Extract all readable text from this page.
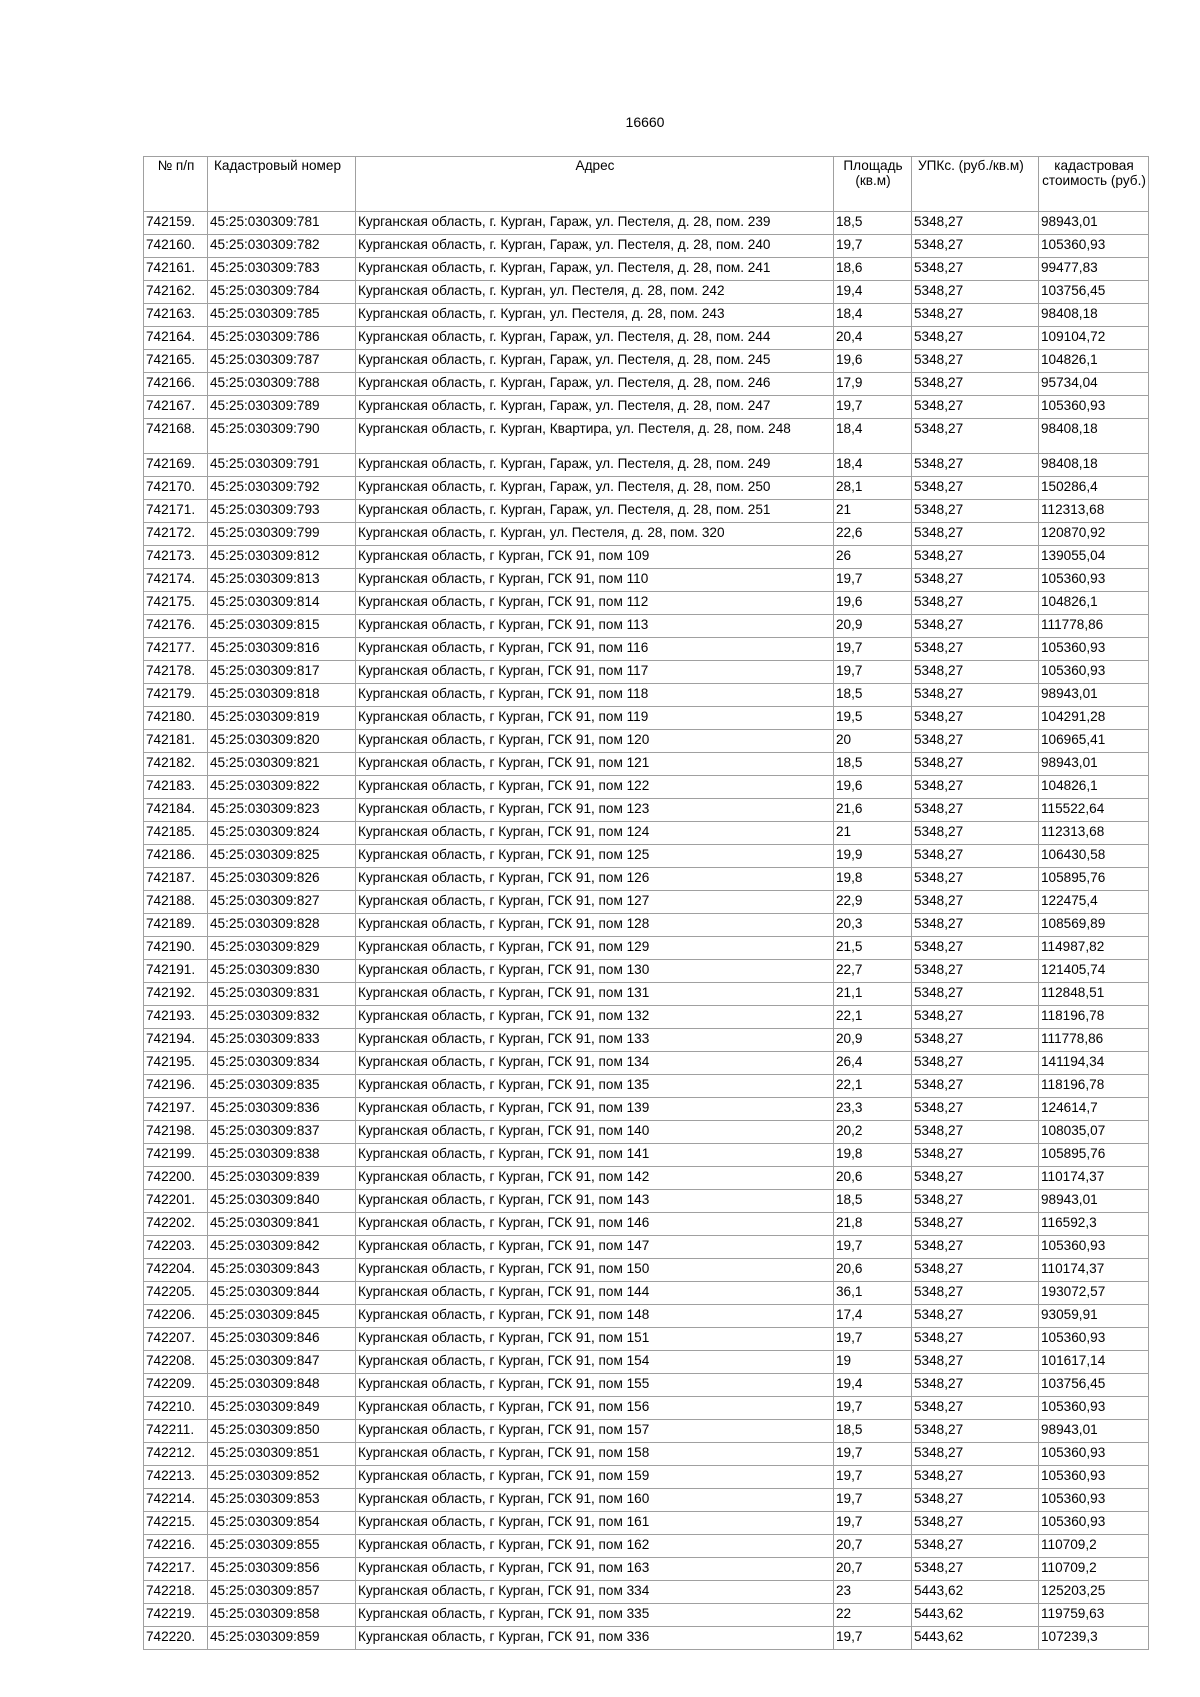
16660
№ п/п	Кадастровый номер	Адрес	Площадь (кв.м)	УПКс. (руб./кв.м)	кадастровая стоимость (руб.)
742159.	45:25:030309:781	Курганская область, г. Курган, Гараж, ул. Пестеля, д. 28, пом. 239	18,5	5348,27	98943,01
742160.	45:25:030309:782	Курганская область, г. Курган, Гараж, ул. Пестеля, д. 28, пом. 240	19,7	5348,27	105360,93
742161.	45:25:030309:783	Курганская область, г. Курган, Гараж, ул. Пестеля, д. 28, пом. 241	18,6	5348,27	99477,83
742162.	45:25:030309:784	Курганская область, г. Курган, ул. Пестеля, д. 28, пом. 242	19,4	5348,27	103756,45
742163.	45:25:030309:785	Курганская область, г. Курган, ул. Пестеля, д. 28, пом. 243	18,4	5348,27	98408,18
742164.	45:25:030309:786	Курганская область, г. Курган, Гараж, ул. Пестеля, д. 28, пом. 244	20,4	5348,27	109104,72
742165.	45:25:030309:787	Курганская область, г. Курган, Гараж, ул. Пестеля, д. 28, пом. 245	19,6	5348,27	104826,1
742166.	45:25:030309:788	Курганская область, г. Курган, Гараж, ул. Пестеля, д. 28, пом. 246	17,9	5348,27	95734,04
742167.	45:25:030309:789	Курганская область, г. Курган, Гараж, ул. Пестеля, д. 28, пом. 247	19,7	5348,27	105360,93
742168.	45:25:030309:790	Курганская область, г. Курган, Квартира, ул. Пестеля, д. 28, пом. 248	18,4	5348,27	98408,18
742169.	45:25:030309:791	Курганская область, г. Курган, Гараж, ул. Пестеля, д. 28, пом. 249	18,4	5348,27	98408,18
742170.	45:25:030309:792	Курганская область, г. Курган, Гараж, ул. Пестеля, д. 28, пом. 250	28,1	5348,27	150286,4
742171.	45:25:030309:793	Курганская область, г. Курган, Гараж, ул. Пестеля, д. 28, пом. 251	21	5348,27	112313,68
742172.	45:25:030309:799	Курганская область, г. Курган, ул. Пестеля, д. 28, пом. 320	22,6	5348,27	120870,92
742173.	45:25:030309:812	Курганская область, г Курган, ГСК 91, пом 109	26	5348,27	139055,04
742174.	45:25:030309:813	Курганская область, г Курган, ГСК 91, пом 110	19,7	5348,27	105360,93
742175.	45:25:030309:814	Курганская область, г Курган, ГСК 91, пом 112	19,6	5348,27	104826,1
742176.	45:25:030309:815	Курганская область, г Курган, ГСК 91, пом 113	20,9	5348,27	111778,86
742177.	45:25:030309:816	Курганская область, г Курган, ГСК 91, пом 116	19,7	5348,27	105360,93
742178.	45:25:030309:817	Курганская область, г Курган, ГСК 91, пом 117	19,7	5348,27	105360,93
742179.	45:25:030309:818	Курганская область, г Курган, ГСК 91, пом 118	18,5	5348,27	98943,01
742180.	45:25:030309:819	Курганская область, г Курган, ГСК 91, пом 119	19,5	5348,27	104291,28
742181.	45:25:030309:820	Курганская область, г Курган, ГСК 91, пом 120	20	5348,27	106965,41
742182.	45:25:030309:821	Курганская область, г Курган, ГСК 91, пом 121	18,5	5348,27	98943,01
742183.	45:25:030309:822	Курганская область, г Курган, ГСК 91, пом 122	19,6	5348,27	104826,1
742184.	45:25:030309:823	Курганская область, г Курган, ГСК 91, пом 123	21,6	5348,27	115522,64
742185.	45:25:030309:824	Курганская область, г Курган, ГСК 91, пом 124	21	5348,27	112313,68
742186.	45:25:030309:825	Курганская область, г Курган, ГСК 91, пом 125	19,9	5348,27	106430,58
742187.	45:25:030309:826	Курганская область, г Курган, ГСК 91, пом 126	19,8	5348,27	105895,76
742188.	45:25:030309:827	Курганская область, г Курган, ГСК 91, пом 127	22,9	5348,27	122475,4
742189.	45:25:030309:828	Курганская область, г Курган, ГСК 91, пом 128	20,3	5348,27	108569,89
742190.	45:25:030309:829	Курганская область, г Курган, ГСК 91, пом 129	21,5	5348,27	114987,82
742191.	45:25:030309:830	Курганская область, г Курган, ГСК 91, пом 130	22,7	5348,27	121405,74
742192.	45:25:030309:831	Курганская область, г Курган, ГСК 91, пом 131	21,1	5348,27	112848,51
742193.	45:25:030309:832	Курганская область, г Курган, ГСК 91, пом 132	22,1	5348,27	118196,78
742194.	45:25:030309:833	Курганская область, г Курган, ГСК 91, пом 133	20,9	5348,27	111778,86
742195.	45:25:030309:834	Курганская область, г Курган, ГСК 91, пом 134	26,4	5348,27	141194,34
742196.	45:25:030309:835	Курганская область, г Курган, ГСК 91, пом 135	22,1	5348,27	118196,78
742197.	45:25:030309:836	Курганская область, г Курган, ГСК 91, пом 139	23,3	5348,27	124614,7
742198.	45:25:030309:837	Курганская область, г Курган, ГСК 91, пом 140	20,2	5348,27	108035,07
742199.	45:25:030309:838	Курганская область, г Курган, ГСК 91, пом 141	19,8	5348,27	105895,76
742200.	45:25:030309:839	Курганская область, г Курган, ГСК 91, пом 142	20,6	5348,27	110174,37
742201.	45:25:030309:840	Курганская область, г Курган, ГСК 91, пом 143	18,5	5348,27	98943,01
742202.	45:25:030309:841	Курганская область, г Курган, ГСК 91, пом 146	21,8	5348,27	116592,3
742203.	45:25:030309:842	Курганская область, г Курган, ГСК 91, пом 147	19,7	5348,27	105360,93
742204.	45:25:030309:843	Курганская область, г Курган, ГСК 91, пом 150	20,6	5348,27	110174,37
742205.	45:25:030309:844	Курганская область, г Курган, ГСК 91, пом 144	36,1	5348,27	193072,57
742206.	45:25:030309:845	Курганская область, г Курган, ГСК 91, пом 148	17,4	5348,27	93059,91
742207.	45:25:030309:846	Курганская область, г Курган, ГСК 91, пом 151	19,7	5348,27	105360,93
742208.	45:25:030309:847	Курганская область, г Курган, ГСК 91, пом 154	19	5348,27	101617,14
742209.	45:25:030309:848	Курганская область, г Курган, ГСК 91, пом 155	19,4	5348,27	103756,45
742210.	45:25:030309:849	Курганская область, г Курган, ГСК 91, пом 156	19,7	5348,27	105360,93
742211.	45:25:030309:850	Курганская область, г Курган, ГСК 91, пом 157	18,5	5348,27	98943,01
742212.	45:25:030309:851	Курганская область, г Курган, ГСК 91, пом 158	19,7	5348,27	105360,93
742213.	45:25:030309:852	Курганская область, г Курган, ГСК 91, пом 159	19,7	5348,27	105360,93
742214.	45:25:030309:853	Курганская область, г Курган, ГСК 91, пом 160	19,7	5348,27	105360,93
742215.	45:25:030309:854	Курганская область, г Курган, ГСК 91, пом 161	19,7	5348,27	105360,93
742216.	45:25:030309:855	Курганская область, г Курган, ГСК 91, пом 162	20,7	5348,27	110709,2
742217.	45:25:030309:856	Курганская область, г Курган, ГСК 91, пом 163	20,7	5348,27	110709,2
742218.	45:25:030309:857	Курганская область, г Курган, ГСК 91, пом 334	23	5443,62	125203,25
742219.	45:25:030309:858	Курганская область, г Курган, ГСК 91, пом 335	22	5443,62	119759,63
742220.	45:25:030309:859	Курганская область, г Курган, ГСК 91, пом 336	19,7	5443,62	107239,3
